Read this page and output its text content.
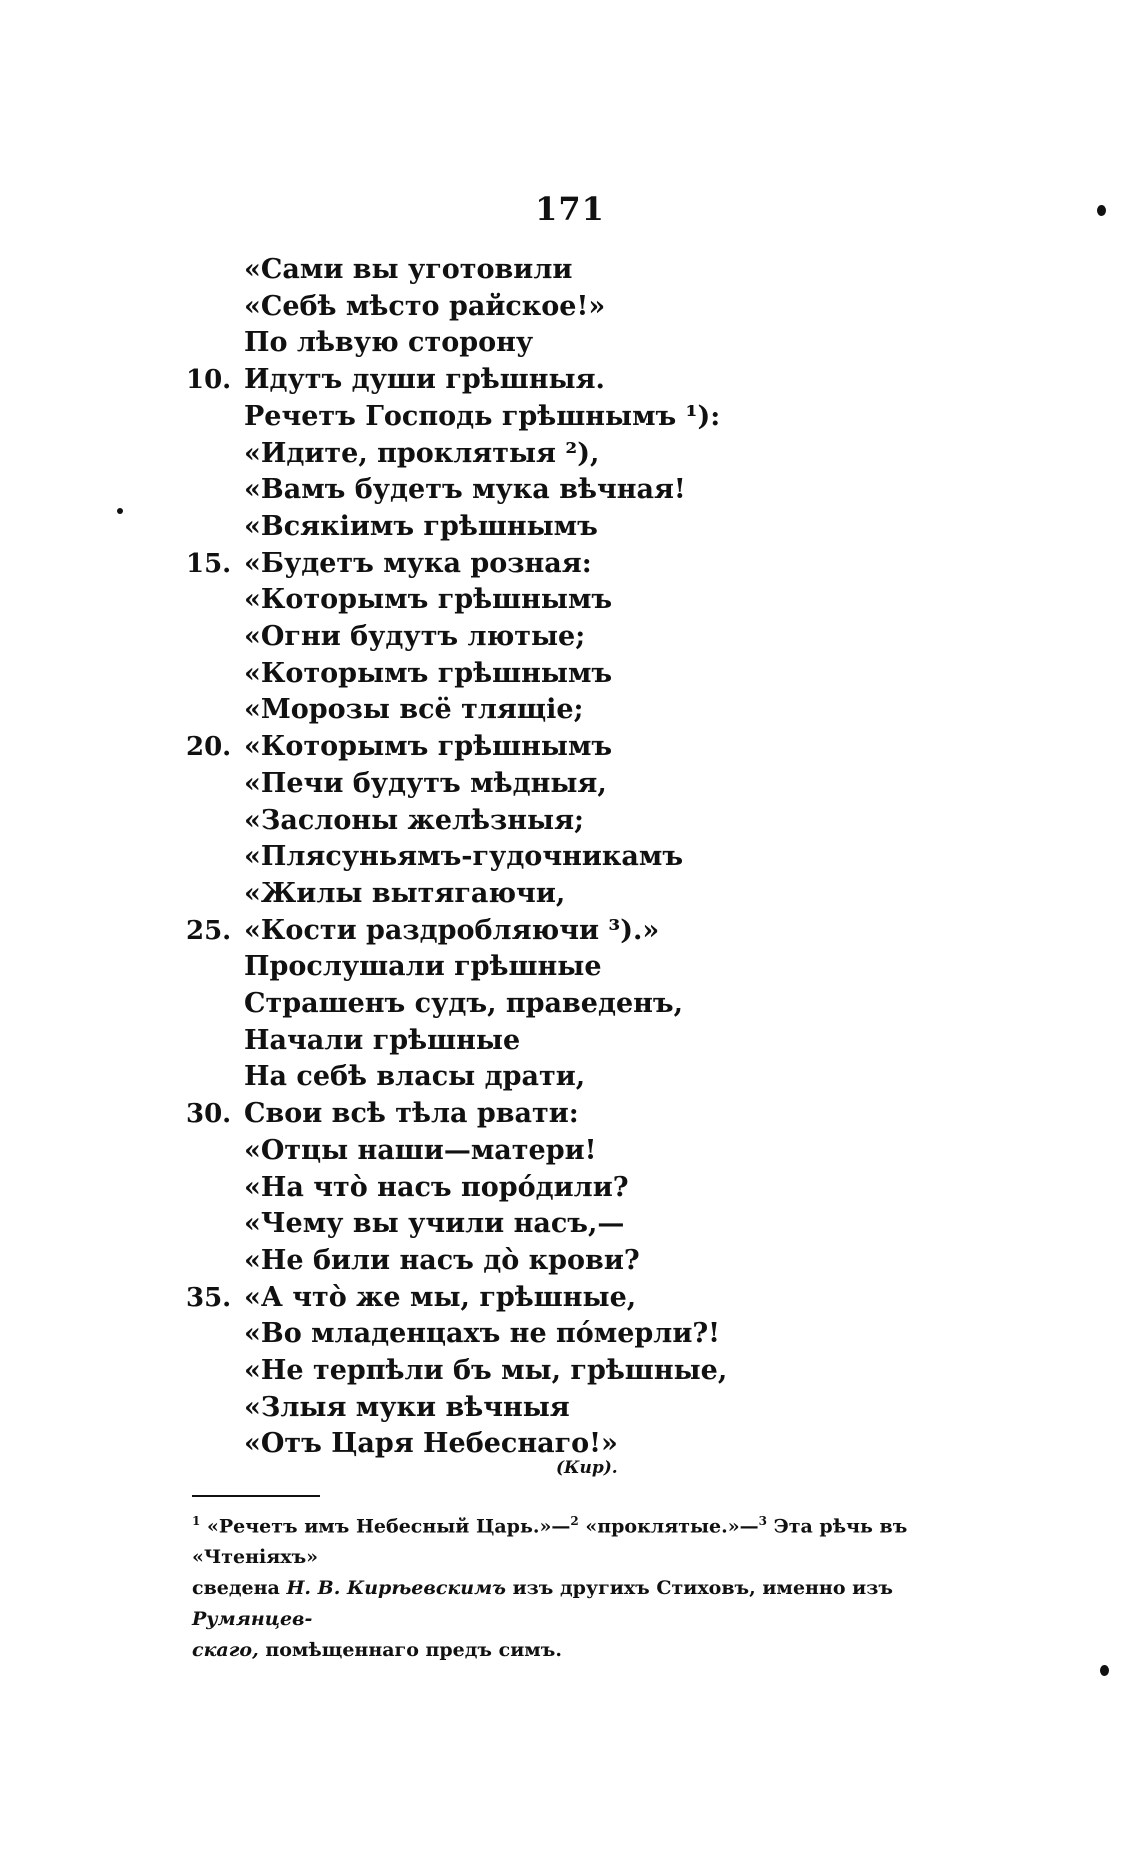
171
«Сами вы уготовили
«Себѣ мѣсто райское!»
По лѣвую сторону
10. Идутъ души грѣшныя.
Речетъ Господь грѣшнымъ ¹):
«Идите, проклятыя ²),
«Вамъ будетъ мука вѣчная!
«Всякіимъ грѣшнымъ
15. «Будетъ мука розная:
«Которымъ грѣшнымъ
«Огни будутъ лютые;
«Которымъ грѣшнымъ
«Морозы всё тлящіе;
20. «Которымъ грѣшнымъ
«Печи будутъ мѣдныя,
«Заслоны желѣзныя;
«Плясуньямъ-гудочникамъ
«Жилы вытягаючи,
25. «Кости раздробляючи ³).»
Прослушали грѣшные
Страшенъ судъ, праведенъ,
Начали грѣшные
На себѣ власы драти,
30. Свои всѣ тѣла рвати:
«Отцы наши—матери!
«На что̀ насъ поро́дили?
«Чему вы учили насъ,—
«Не били насъ до̀ крови?
35. «А что̀ же мы, грѣшные,
«Во младенцахъ не по́мерли?!
«Не терпѣли бъ мы, грѣшные,
«Злыя муки вѣчныя
«Отъ Царя Небеснаго!»
(Кир).

$^1$ «Речетъ имъ Небесный Царь.»—$^2$ «проклятые.»—$^3$ Эта рѣчь въ «Чтеніяхъ»

сведена Н. В. Кирѣевскимъ изъ другихъ Стиховъ, именно изъ Румянцев-

скаго, помѣщеннаго предъ симъ.
